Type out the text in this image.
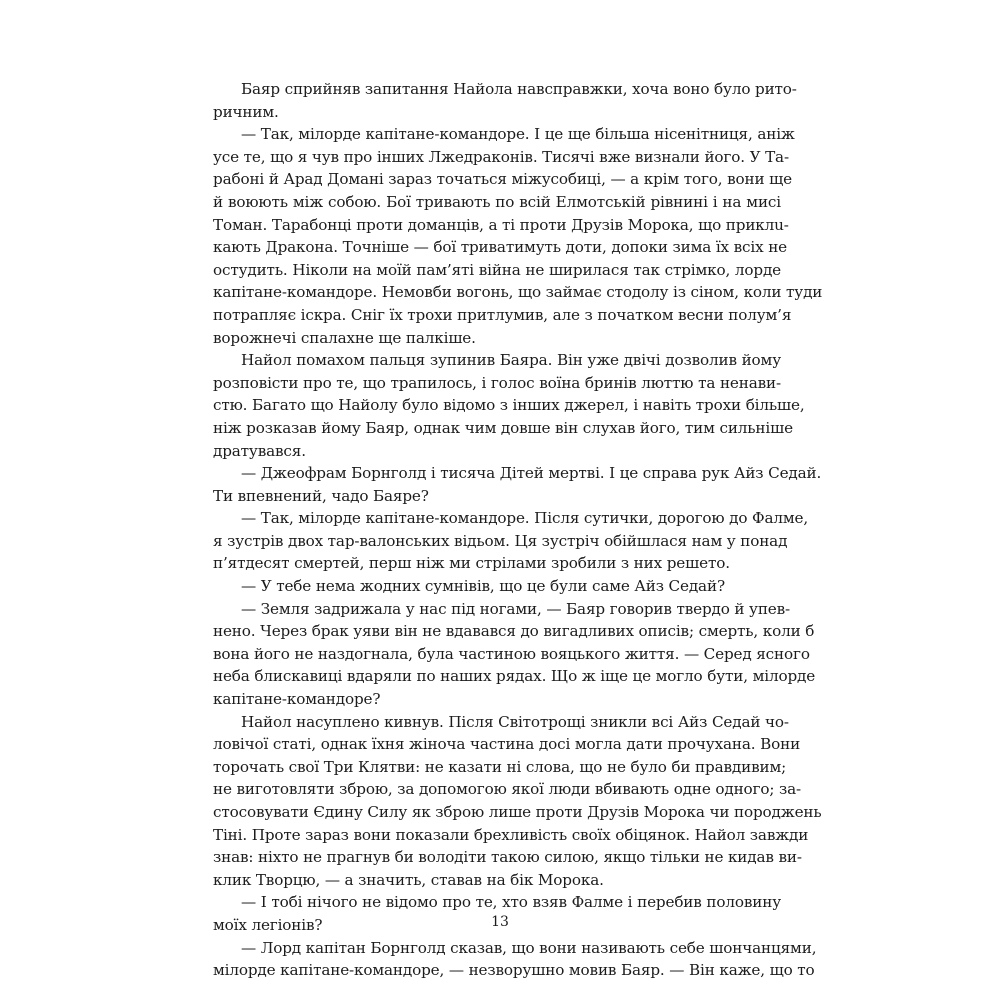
Баяр сприйняв запитання Найола навсправжки, хоча воно було рито-
ричним.
— Так, мілорде капітане-командоре. І це ще більша нісенітниця, аніж
усе те, що я чув про інших Лжедраконів. Тисячі вже визнали його. У Та-
рабоні й Арад Домані зараз точаться міжусобиці, — а крім того, вони ще
й воюють між собою. Бої тривають по всій Елмотській рівнині і на мисі
Томан. Тарабонці проти доманців, а ті проти Друзів Морока, що приклu-
кають Дракона. Точніше — бої триватимуть доти, допоки зима їх всіх не
остудить. Ніколи на моїй пам’яті війна не ширилася так стрімко, лорде
капітане-командоре. Немовби вогонь, що займає стодолу із сіном, коли туди
потрапляє іскра. Сніг їх трохи притлумив, але з початком весни полум’я
ворожнечі спалахне ще палкіше.
Найол помахом пальця зупинив Баяра. Він уже двічі дозволив йому
розповісти про те, що трапилось, і голос воїна бринів люттю та ненави-
стю. Багато що Найолу було відомо з інших джерел, і навіть трохи більше,
ніж розказав йому Баяр, однак чим довше він слухав його, тим сильніше
дратувався.
— Джеофрам Борнголд і тисяча Дітей мертві. І це справа рук Айз Седай.
Ти впевнений, чадо Баяре?
— Так, мілорде капітане-командоре. Після сутички, дорогою до Фалме,
я зустрів двох тар-валонських відьом. Ця зустріч обійшлася нам у понад
п’ятдесят смертей, перш ніж ми стрілами зробили з них решето.
— У тебе нема жодних сумнівів, що це були саме Айз Седай?
— Земля задрижала у нас під ногами, — Баяр говорив твердо й упев-
нено. Через брак уяви він не вдавався до вигадливих описів; смерть, коли б
вона його не наздогнала, була частиною вояцького життя. — Серед ясного
неба блискавиці вдаряли по наших рядах. Що ж іще це могло бути, мілорде
капітане-командоре?
Найол насуплено кивнув. Після Світотрощі зникли всі Айз Седай чо-
ловічої статі, однак їхня жіноча частина досі могла дати прочуханa. Вони
торочать свої Три Клятви: не казати ні слова, що не було би правдивим;
не виготовляти зброю, за допомогою якої люди вбивають одне одного; за-
стосовувати Єдину Силу як зброю лише проти Друзів Морока чи породжень
Тіні. Проте зараз вони показали брехливість своїх обіцянок. Найол завжди
знав: ніхто не прагнув би володіти такою силою, якщо тільки не кидав ви-
клик Творцю, — а значить, ставав на бік Морока.
— І тобі нічого не відомо про те, хто взяв Фалме і перебив половину
моїх легіонів?
— Лорд капітан Борнголд сказав, що вони називають себе шончанцями,
мілорде капітане-командоре, — незворушно мовив Баяр. — Він каже, що то
13
